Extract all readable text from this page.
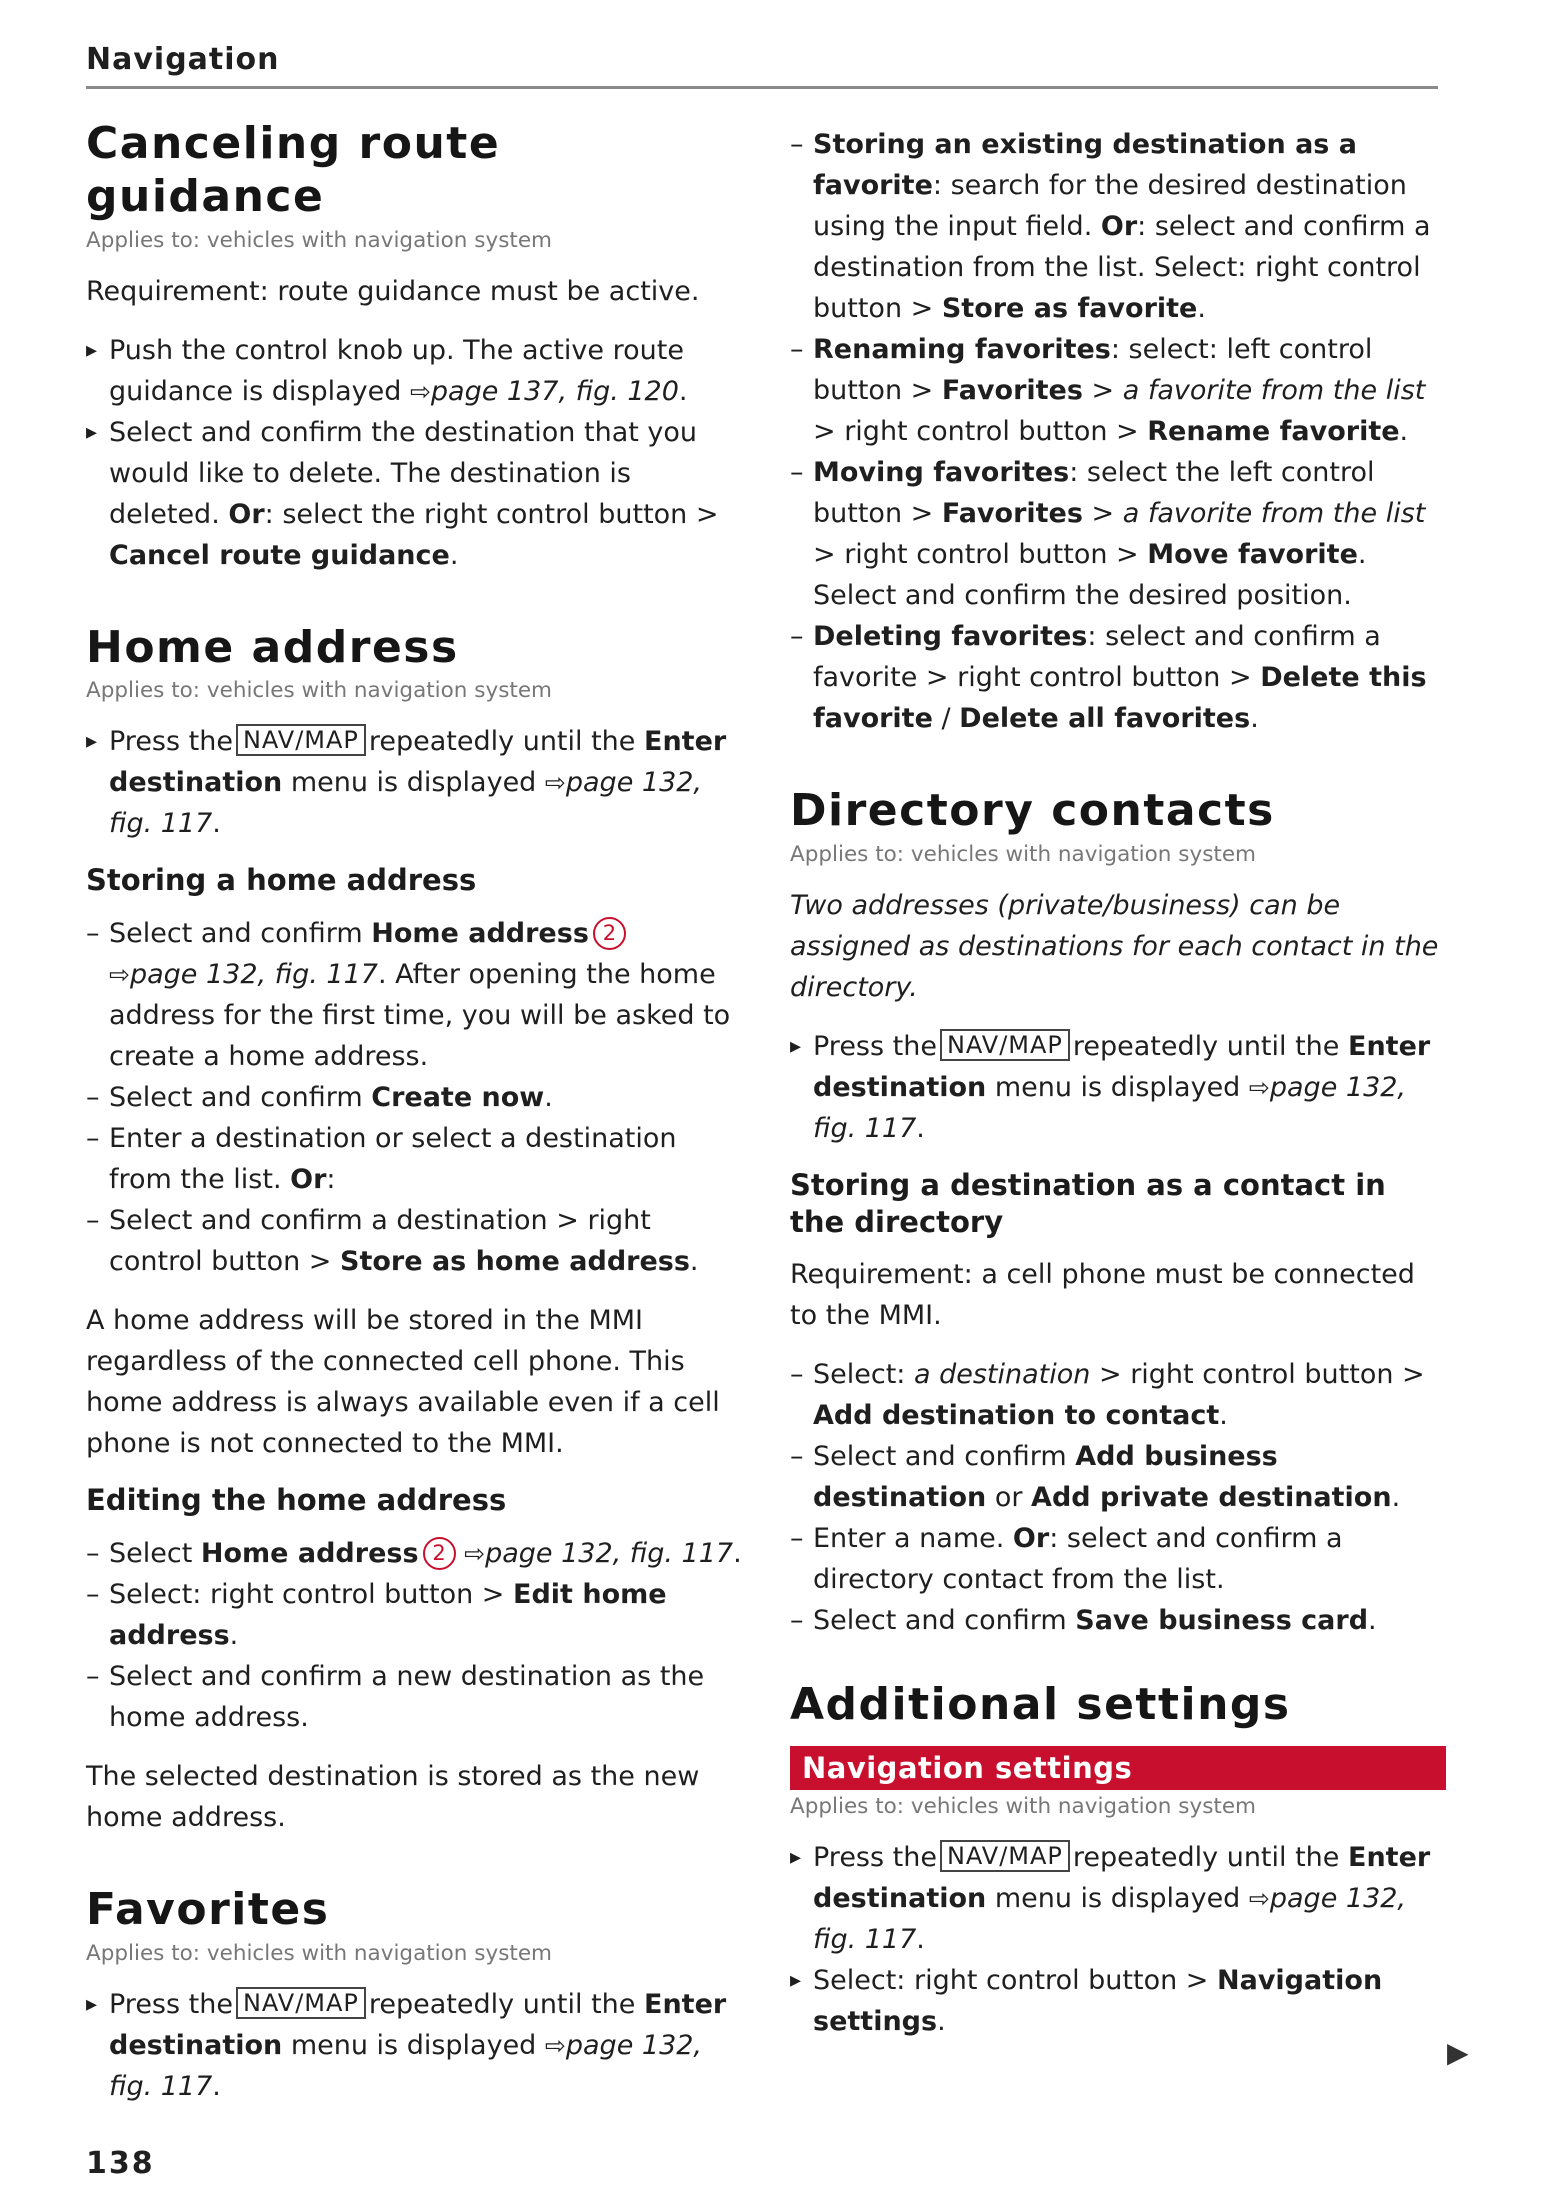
Navigation
Canceling route guidance
Applies to: vehicles with navigation system

Requirement: route guidance must be active.

▸ Push the control knob up. The active route guidance is displayed ⇨page 137, fig. 120.
▸ Select and confirm the destination that you would like to delete. The destination is deleted. Or: select the right control button > Cancel route guidance.
Home address
Applies to: vehicles with navigation system
▸ Press the NAV/MAP repeatedly until the Enter destination menu is displayed ⇨page 132, fig. 117.
Storing a home address
– Select and confirm Home address 2
⇨page 132, fig. 117. After opening the home address for the first time, you will be asked to create a home address.
– Select and confirm Create now.
– Enter a destination or select a destination from the list. Or:
– Select and confirm a destination > right control button > Store as home address.

A home address will be stored in the MMI regardless of the connected cell phone. This home address is always available even if a cell phone is not connected to the MMI.

Editing the home address
– Select Home address 2 ⇨page 132, fig. 117.
– Select: right control button > Edit home address.
– Select and confirm a new destination as the home address.

The selected destination is stored as the new home address.

Favorites
Applies to: vehicles with navigation system
▸ Press the NAV/MAP repeatedly until the Enter destination menu is displayed ⇨page 132, fig. 117.
– Storing an existing destination as a favorite: search for the desired destination using the input field. Or: select and confirm a destination from the list. Select: right control button > Store as favorite.
– Renaming favorites: select: left control button > Favorites > a favorite from the list > right control button > Rename favorite.
– Moving favorites: select the left control button > Favorites > a favorite from the list > right control button > Move favorite. Select and confirm the desired position.
– Deleting favorites: select and confirm a favorite > right control button > Delete this favorite / Delete all favorites.
Directory contacts
Applies to: vehicles with navigation system

Two addresses (private/business) can be assigned as destinations for each contact in the directory.

▸ Press the NAV/MAP repeatedly until the Enter destination menu is displayed ⇨page 132, fig. 117.
Storing a destination as a contact in the directory

Requirement: a cell phone must be connected to the MMI.

– Select: a destination > right control button > Add destination to contact.
– Select and confirm Add business destination or Add private destination.
– Enter a name. Or: select and confirm a directory contact from the list.
– Select and confirm Save business card.
Additional settings
Navigation settings
Applies to: vehicles with navigation system
▸ Press the NAV/MAP repeatedly until the Enter destination menu is displayed ⇨page 132, fig. 117.
▸ Select: right control button > Navigation settings.
▶
138
